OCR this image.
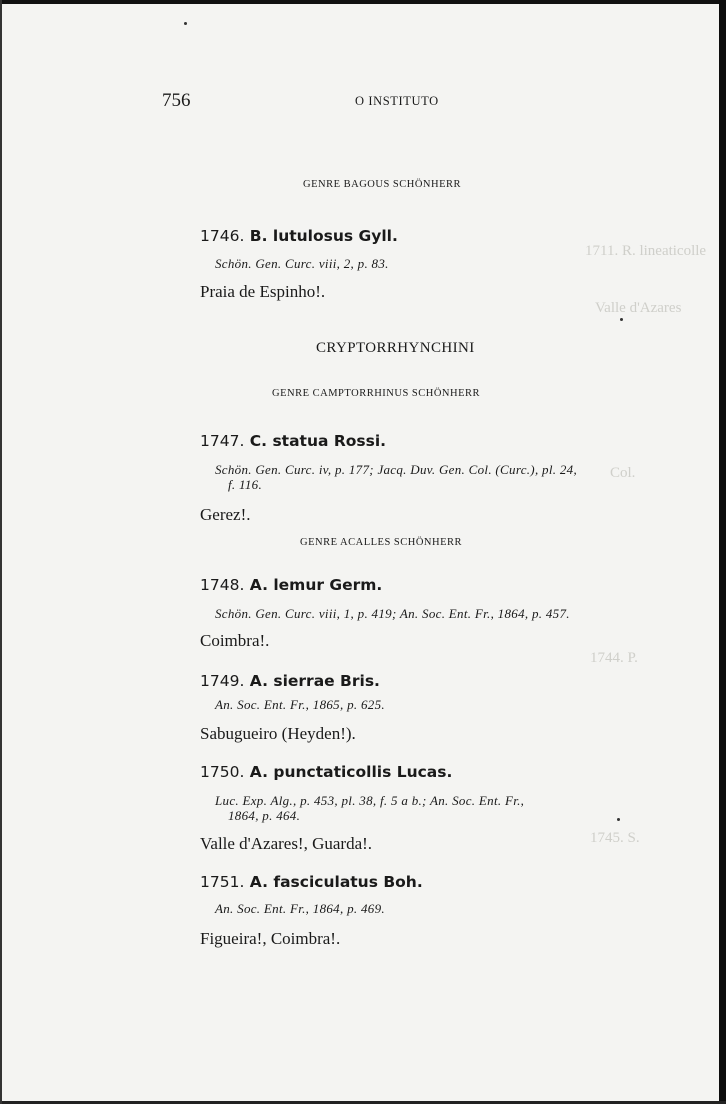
1711. R. lineaticolle
Valle d'Azares
Col.
1744. P.
1745. S.
756	O INSTITUTO
GENRE BAGOUS SCHÖNHERR
1746. B. lutulosus Gyll.
Schön. Gen. Curc. viii, 2, p. 83.
Praia de Espinho!.
CRYPTORRHYNCHINI
GENRE CAMPTORRHINUS SCHÖNHERR
1747. C. statua Rossi.
Schön. Gen. Curc. iv, p. 177; Jacq. Duv. Gen. Col. (Curc.), pl. 24,
f. 116.
Gerez!.
GENRE ACALLES SCHÖNHERR
1748. A. lemur Germ.
Schön. Gen. Curc. viii, 1, p. 419; An. Soc. Ent. Fr., 1864, p. 457.
Coimbra!.
1749. A. sierrae Bris.
An. Soc. Ent. Fr., 1865, p. 625.
Sabugueiro (Heyden!).
1750. A. punctaticollis Lucas.
Luc. Exp. Alg., p. 453, pl. 38, f. 5 a b.; An. Soc. Ent. Fr.,
1864, p. 464.
Valle d'Azares!, Guarda!.
1751. A. fasciculatus Boh.
An. Soc. Ent. Fr., 1864, p. 469.
Figueira!, Coimbra!.
